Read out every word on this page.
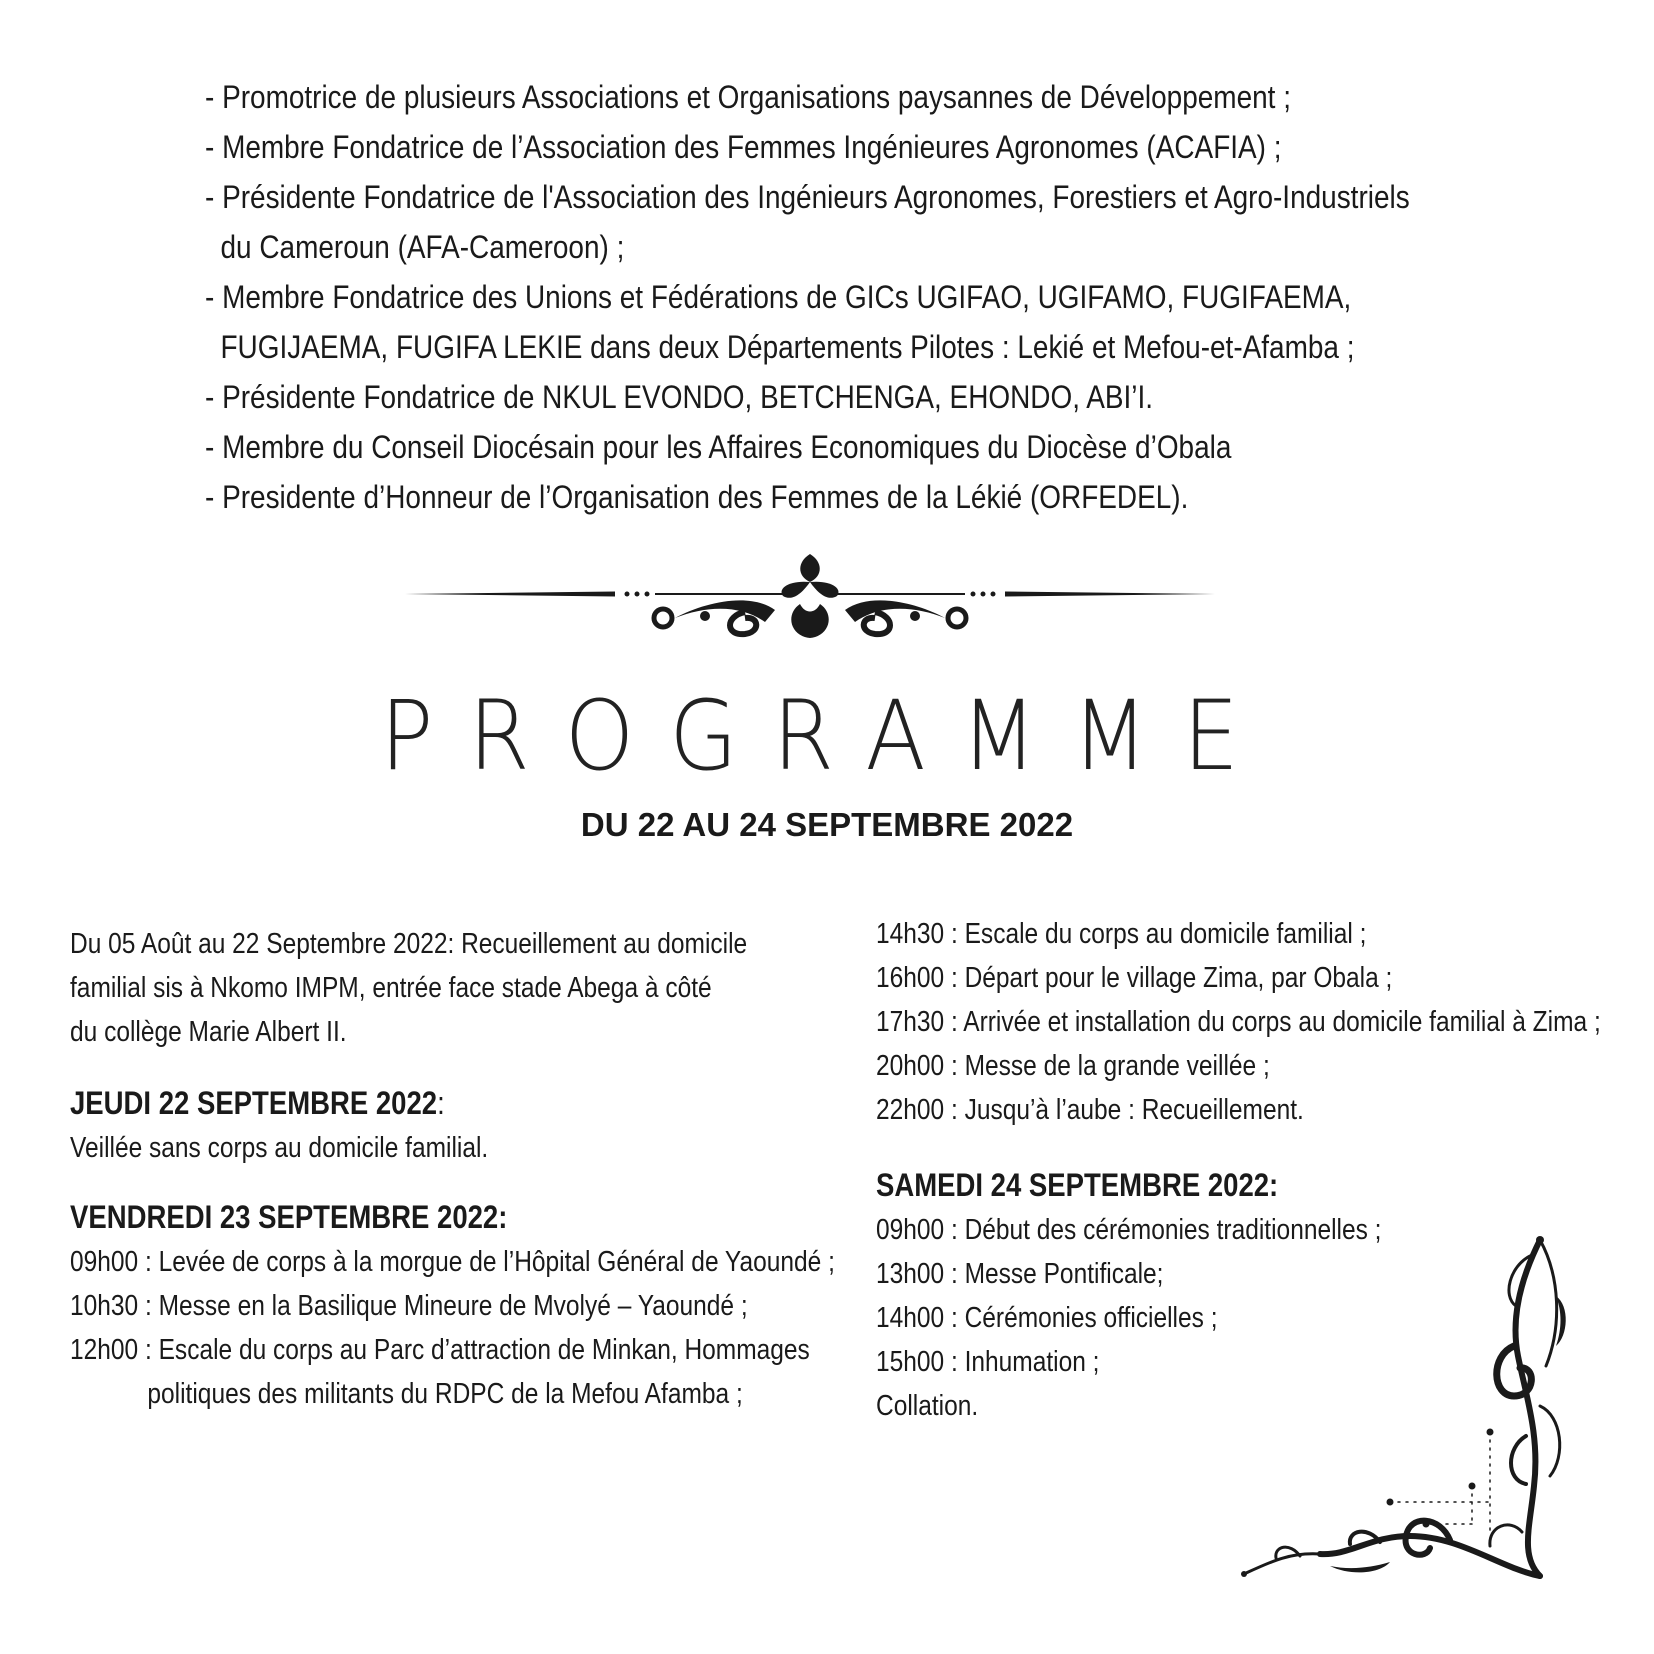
- Promotrice de plusieurs Associations et Organisations paysannes de Développement ;
- Membre Fondatrice de l’Association des Femmes Ingénieures Agronomes (ACAFIA) ;
- Présidente Fondatrice de l'Association des Ingénieurs Agronomes, Forestiers et Agro-Industriels
du Cameroun (AFA-Cameroon) ;
- Membre Fondatrice des Unions et Fédérations de GICs UGIFAO, UGIFAMO, FUGIFAEMA,
FUGIJAEMA, FUGIFA LEKIE dans deux Départements Pilotes : Lekié et Mefou-et-Afamba ;
- Présidente Fondatrice de NKUL EVONDO, BETCHENGA, EHONDO, ABI’I.
- Membre du Conseil Diocésain pour les Affaires Economiques du Diocèse d’Obala
- Presidente d’Honneur de l’Organisation des Femmes de la Lékié (ORFEDEL).
PROGRAMME
DU 22 AU 24 SEPTEMBRE 2022
Du 05 Août au 22 Septembre 2022: Recueillement au domicile
familial sis à Nkomo IMPM, entrée face stade Abega à côté
du collège Marie Albert II.
JEUDI 22 SEPTEMBRE 2022:
Veillée sans corps au domicile familial.
VENDREDI 23 SEPTEMBRE 2022:
09h00 : Levée de corps à la morgue de l’Hôpital Général de Yaoundé ;
10h30 : Messe en la Basilique Mineure de Mvolyé – Yaoundé ;
12h00 : Escale du corps au Parc d’attraction de Minkan, Hommages
politiques des militants du RDPC de la Mefou Afamba ;
14h30 : Escale du corps au domicile familial ;
16h00 : Départ pour le village Zima, par Obala ;
17h30 : Arrivée et installation du corps au domicile familial à Zima ;
20h00 : Messe de la grande veillée ;
22h00 : Jusqu’à l’aube : Recueillement.
SAMEDI 24 SEPTEMBRE 2022:
09h00 : Début des cérémonies traditionnelles ;
13h00 : Messe Pontificale;
14h00 : Cérémonies officielles ;
15h00 : Inhumation ;
Collation.
